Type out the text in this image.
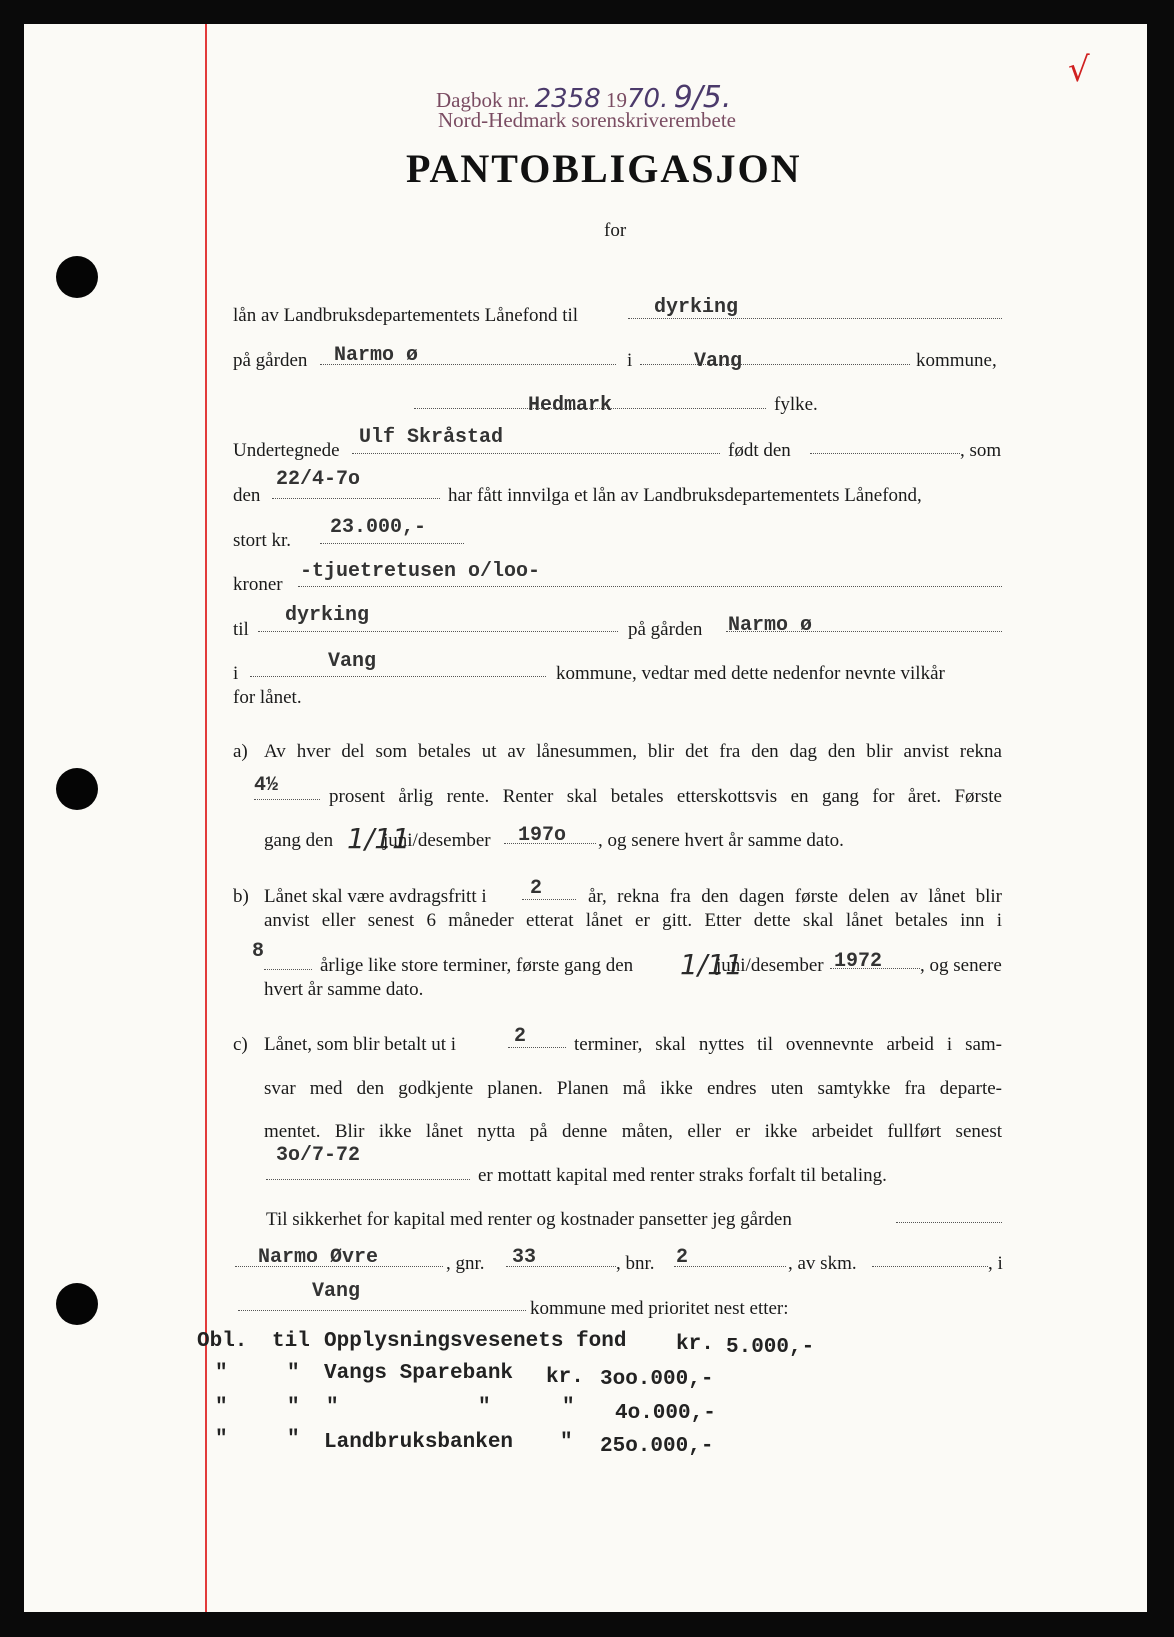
Dagbok nr. 2358 1970. 9/5.
Nord-Hedmark sorenskriverembete
√
PANTOBLIGASJON
for
lån av Landbruksdepartementets Lånefond til	dyrking
på gården Narmo ø	i	Vang	kommune,
Hedmark	fylke.
Undertegnede
Ulf Skråstad
født den	, som
den
22/4-7o
har fått innvilga et lån av Landbruksdepartementets Lånefond,
stort kr.
23.000,-
kroner
-tjuetretusen o/loo-
til
dyrking
på gården Narmo ø
i
Vang
kommune, vedtar med dette nedenfor nevnte vilkår
for lånet.
a) Av hver del som betales ut av lånesummen, blir det fra den dag den blir anvist rekna
4½	prosent årlig rente. Renter skal betales etterskottsvis en gang for året. Første
gang den 1/11
juni/desember 197o , og senere hvert år samme dato.
b) Lånet skal være avdragsfritt i 2 år, rekna fra den dagen første delen av lånet blir
anvist eller senest 6 måneder etterat lånet er gitt. Etter dette skal lånet betales inn i
8
årlige like store terminer, første gang den 1/11
juni/desember 1972 , og senere
hvert år samme dato.
c) Lånet, som blir betalt ut i	2	terminer, skal nyttes til ovennevnte arbeid i sam-
svar med den godkjente planen. Planen må ikke endres uten samtykke fra departe-
mentet. Blir ikke lånet nytta på denne måten, eller er ikke arbeidet fullført senest
3o/7-72
er mottatt kapital med renter straks forfalt til betaling.
Til sikkerhet for kapital med renter og kostnader pansetter jeg gården
Narmo Øvre	, gnr. 33	, bnr. 2	, av skm.	, i
Vang
kommune med prioritet nest etter:
Obl. til Opplysningsvesenets fond kr. 5.000,-
"	" Vangs Sparebank kr. 3oo.000,-
"	" "	"	" 4o.000,-
"	" Landbruksbanken " 25o.000,-
